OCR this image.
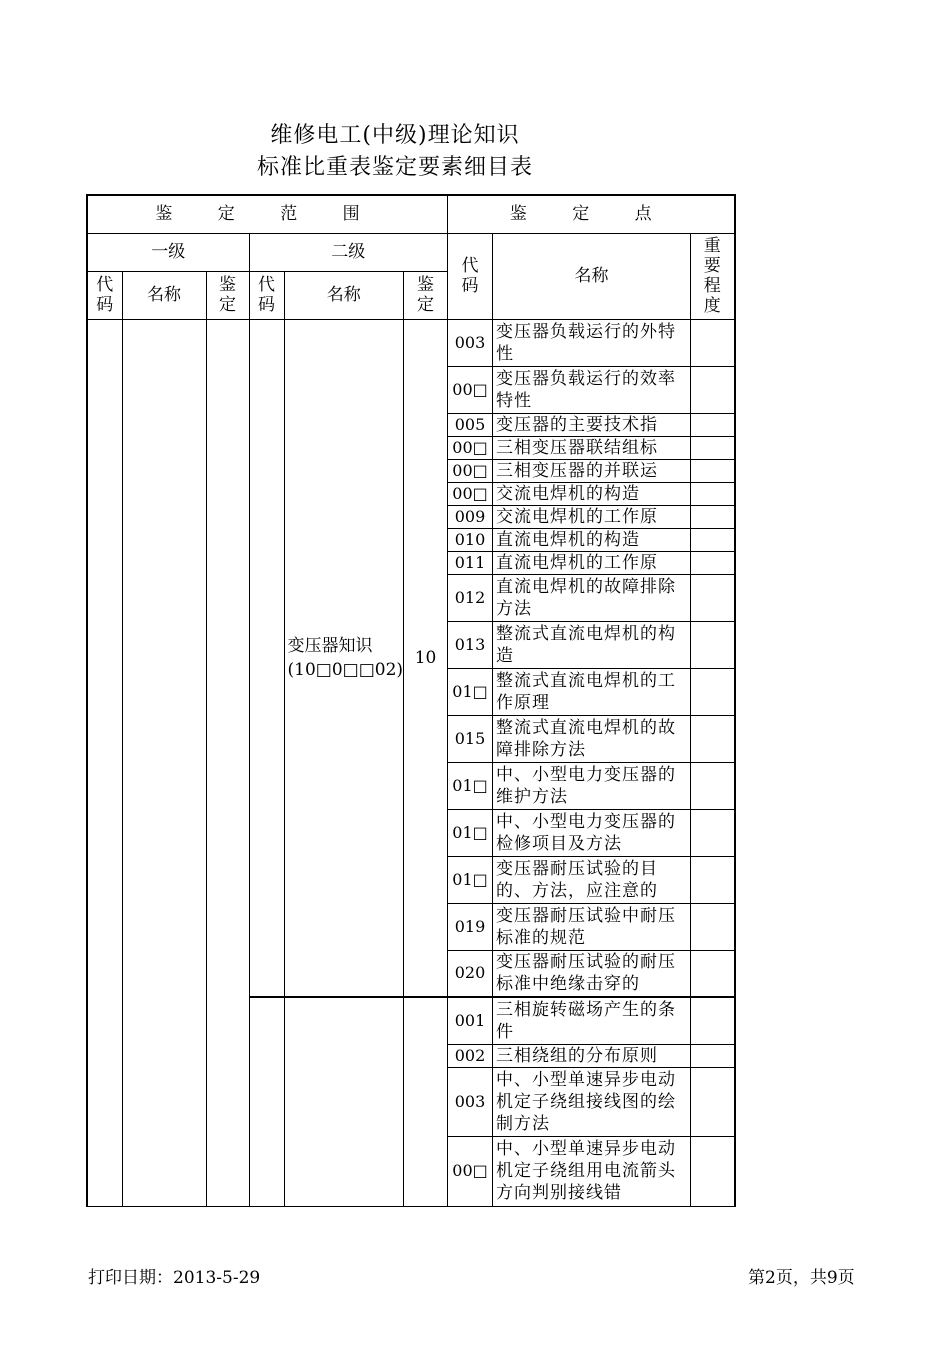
维修电工(中级)理论知识
标准比重表鉴定要素细目表
鉴 定 范 围						鉴 定 点		
一级			二级			代码	名称	重要程度

代码	名称	鉴定	代码	名称	鉴定			

				变压器知识(10□0□□02)	10	003	变压器负载运行的外特性	
						00□	变压器负载运行的效率特性	
						005	变压器的主要技术指	
						00□	三相变压器联结组标	
						00□	三相变压器的并联运	
						00□	交流电焊机的构造	
						009	交流电焊机的工作原	
						010	直流电焊机的构造	
						011	直流电焊机的工作原	
						012	直流电焊机的故障排除方法	
						013	整流式直流电焊机的构造	
						01□	整流式直流电焊机的工作原理	
						015	整流式直流电焊机的故障排除方法	
						01□	中、小型电力变压器的维护方法	
						01□	中、小型电力变压器的检修项目及方法	
						01□	变压器耐压试验的目的、方法，应注意的	
						019	变压器耐压试验中耐压标准的规范	
						020	变压器耐压试验的耐压标准中绝缘击穿的	
						001	三相旋转磁场产生的条件	
						002	三相绕组的分布原则	
						003	中、小型单速异步电动机定子绕组接线图的绘制方法	
						00□	中、小型单速异步电动机定子绕组用电流箭头方向判别接线错	
打印日期：2013-5-29	第2页，共9页
